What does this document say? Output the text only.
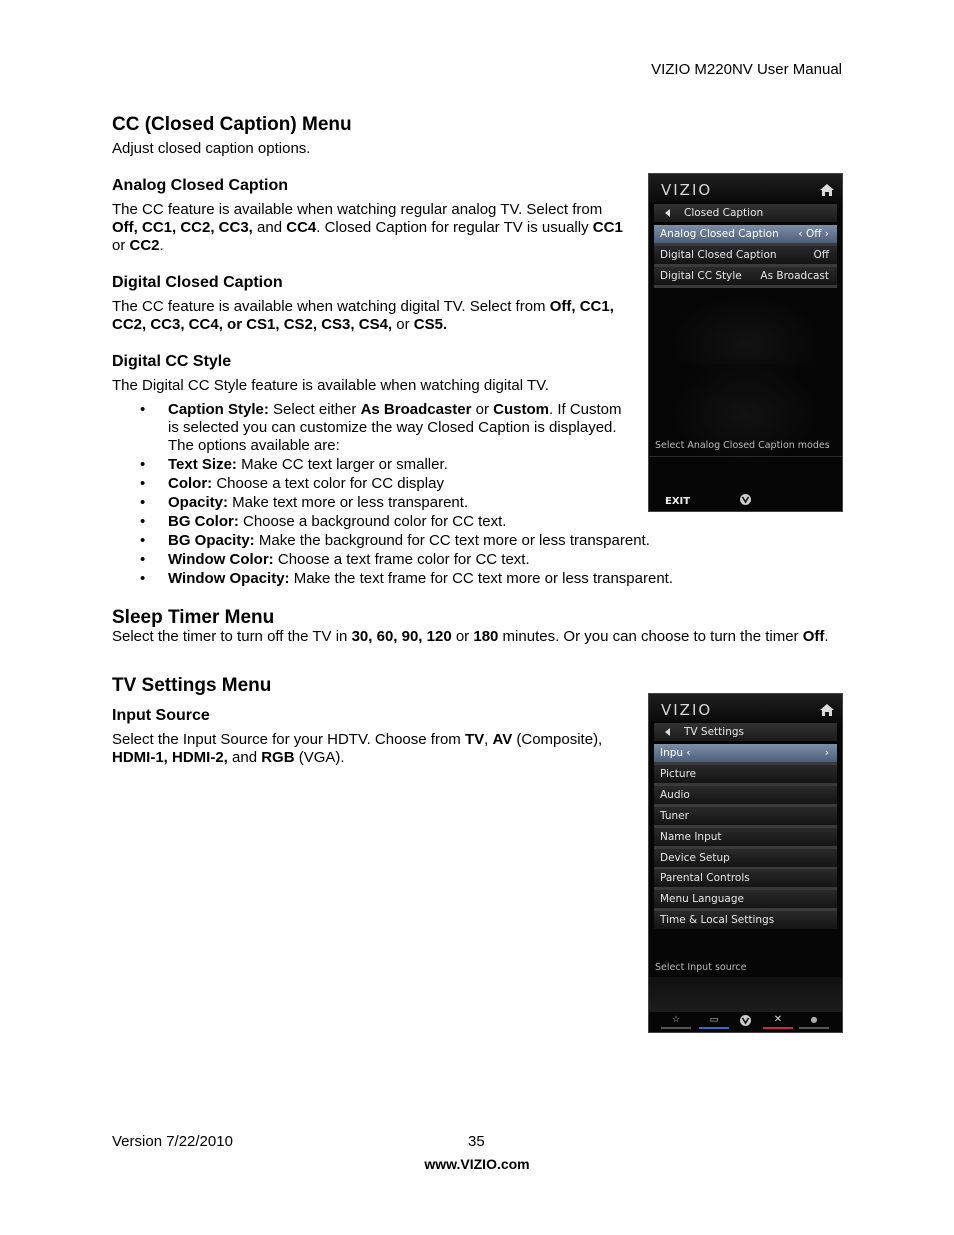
VIZIO M220NV User Manual
CC (Closed Caption) Menu

Adjust closed caption options.

Analog Closed Caption

The CC feature is available when watching regular analog TV. Select from Off, CC1, CC2, CC3, and CC4. Closed Caption for regular TV is usually CC1 or CC2.

Digital Closed Caption

The CC feature is available when watching digital TV. Select from Off, CC1, CC2, CC3, CC4, or CS1, CS2, CS3, CS4, or CS5.

Digital CC Style

The Digital CC Style feature is available when watching digital TV.

• Caption Style: Select either As Broadcaster or Custom. If Custom is selected you can customize the way Closed Caption is displayed. The options available are:
• Text Size: Make CC text larger or smaller.
• Color: Choose a text color for CC display
• Opacity: Make text more or less transparent.
• BG Color: Choose a background color for CC text.
• BG Opacity: Make the background for CC text more or less transparent.
• Window Color: Choose a text frame color for CC text.
• Window Opacity: Make the text frame for CC text more or less transparent.
Sleep Timer Menu

Select the timer to turn off the TV in 30, 60, 90, 120 or 180 minutes. Or you can choose to turn the timer Off.

TV Settings Menu
Input Source

Select the Input Source for your HDTV. Choose from TV, AV (Composite), HDMI-1, HDMI-2, and RGB (VGA).

VIZIO
Closed Caption
Analog Closed Caption ‹ Off ›
Digital Closed Caption	Off
Digital CC Style As Broadcast
Select Analog Closed Caption modes
EXIT
VIZIO
TV Settings
Inpu ‹	›
Picture
Audio
Tuner
Name Input
Device Setup
Parental Controls
Menu Language
Time & Local Settings
Select Input source
☆	▭	✕	●
Version 7/22/2010	35
www.VIZIO.com
